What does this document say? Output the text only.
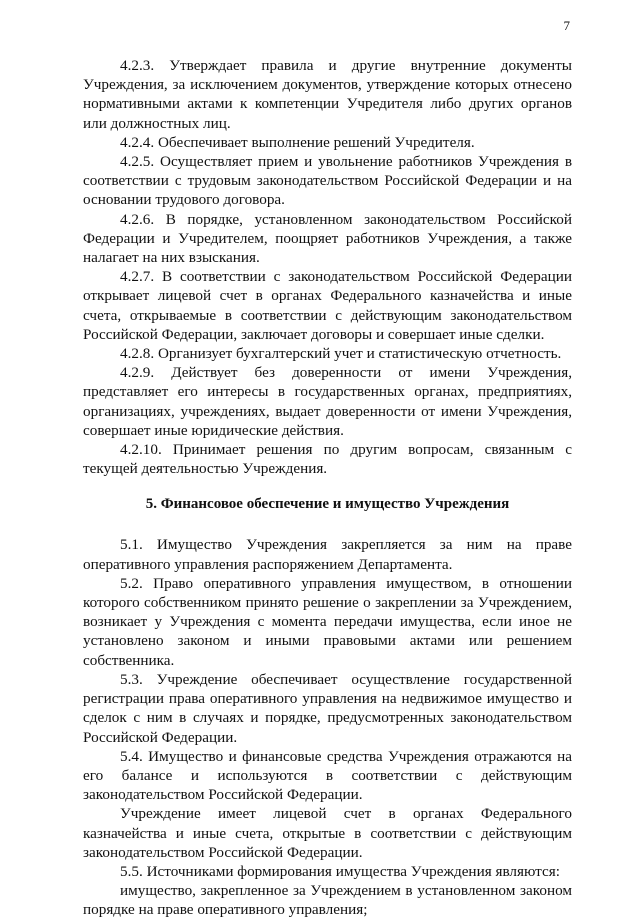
7

4.2.3. Утверждает правила и другие внутренние документы Учреждения, за исключением документов, утверждение которых отнесено нормативными актами к компетенции Учредителя либо других органов или должностных лиц.

4.2.4. Обеспечивает выполнение решений Учредителя.

4.2.5. Осуществляет прием и увольнение работников Учреждения в соответствии с трудовым законодательством Российской Федерации и на основании трудового договора.

4.2.6. В порядке, установленном законодательством Российской Федерации и Учредителем, поощряет работников Учреждения, а также налагает на них взыскания.

4.2.7. В соответствии с законодательством Российской Федерации открывает лицевой счет в органах Федерального казначейства и иные счета, открываемые в соответствии с действующим законодательством Российской Федерации, заключает договоры и совершает иные сделки.

4.2.8. Организует бухгалтерский учет и статистическую отчетность.

4.2.9. Действует без доверенности от имени Учреждения, представляет его интересы в государственных органах, предприятиях, организациях, учреждениях, выдает доверенности от имени Учреждения, совершает иные юридические действия.

4.2.10. Принимает решения по другим вопросам, связанным с текущей деятельностью Учреждения.

5. Финансовое обеспечение и имущество Учреждения

5.1. Имущество Учреждения закрепляется за ним на праве оперативного управления распоряжением Департамента.

5.2. Право оперативного управления имуществом, в отношении которого собственником принято решение о закреплении за Учреждением, возникает у Учреждения с момента передачи имущества, если иное не установлено законом и иными правовыми актами или решением собственника.

5.3. Учреждение обеспечивает осуществление государственной регистрации права оперативного управления на недвижимое имущество и сделок с ним в случаях и порядке, предусмотренных законодательством Российской Федерации.

5.4. Имущество и финансовые средства Учреждения отражаются на его балансе и используются в соответствии с действующим законодательством Российской Федерации.

Учреждение имеет лицевой счет в органах Федерального казначейства и иные счета, открытые в соответствии с действующим законодательством Российской Федерации.

5.5. Источниками формирования имущества Учреждения являются:

имущество, закрепленное за Учреждением в установленном законом порядке на праве оперативного управления;
